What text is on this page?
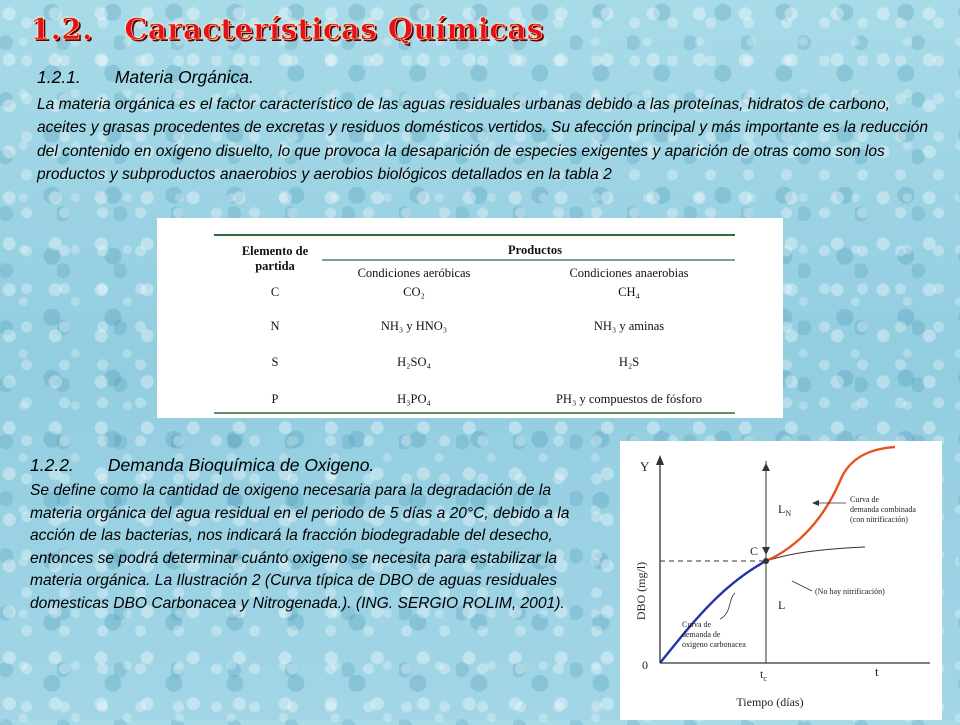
1.2.   Características Químicas
1.2.1.       Materia Orgánica.

La materia orgánica es el factor característico de las aguas residuales urbanas debido a las proteínas, hidratos de carbono, aceites y grasas procedentes de excretas y residuos domésticos vertidos. Su afección principal y más importante es la reducción del contenido en oxígeno disuelto, lo que provoca la desaparición de especies exigentes y aparición de otras como son los productos y subproductos anaerobios y aerobios biológicos detallados en la tabla 2

Elemento de
partida
Productos
Condiciones aeróbicas	Condiciones anaerobias
C	CO₂	CH₄
N	NH₃ y HNO₃	NH₃ y aminas
S	H₂SO₄	H₂S
P	H₃PO₄	PH₃ y compuestos de fósforo
1.2.2.       Demanda Bioquímica de Oxigeno.

Se define como la cantidad de oxigeno necesaria para la degradación de la materia orgánica del agua residual en el periodo de 5 días a 20°C, debido a la acción de las bacterias, nos indicará la fracción biodegradable del desecho, entonces se podrá determinar cuánto oxigeno se necesita para estabilizar la materia orgánica. La Ilustración 2 (Curva típica de DBO de aguas residuales domesticas DBO Carbonacea y Nitrogenada.). (ING. SERGIO ROLIM, 2001).

Y
t
0
DBO (mg/l)
Tiempo (días)
$t_c$
$L_N$
L
C
Curva de
demanda combinada
(con nitrificación)
(No hay nitrificación)
Curva de
demanda de
oxigeno carbonacea
